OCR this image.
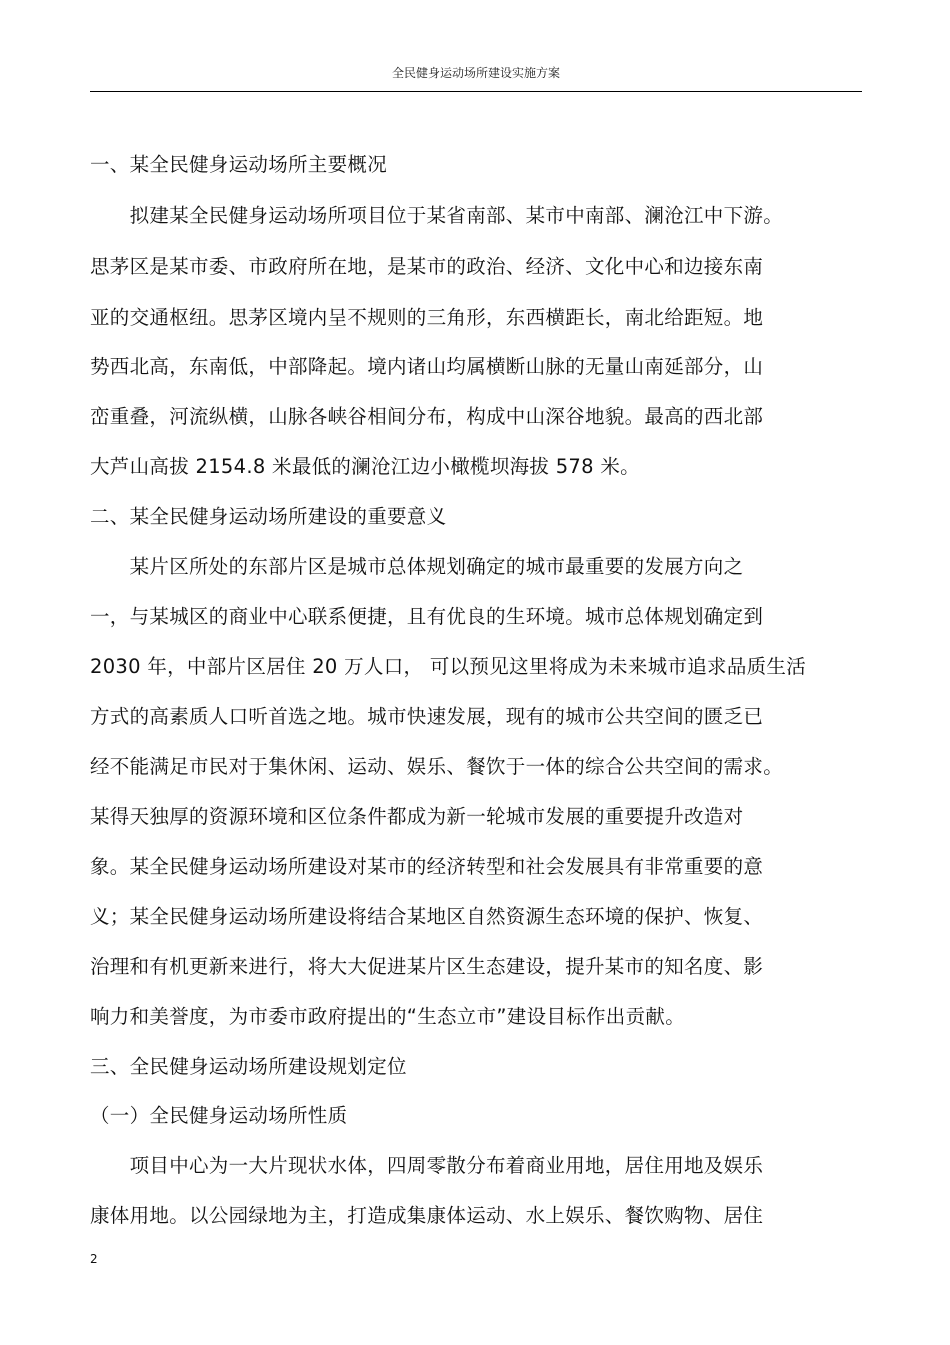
全民健身运动场所建设实施方案
一、某全民健身运动场所主要概况
　　拟建某全民健身运动场所项目位于某省南部、某市中南部、澜沧江中下游。
思茅区是某市委、市政府所在地，是某市的政治、经济、文化中心和边接东南
亚的交通枢纽。思茅区境内呈不规则的三角形，东西横距长，南北给距短。地
势西北高，东南低，中部降起。境内诸山均属横断山脉的无量山南延部分，山
峦重叠，河流纵横，山脉各峡谷相间分布，构成中山深谷地貌。最高的西北部
大芦山高拔 2154.8 米最低的澜沧江边小橄榄坝海拔 578 米。
二、某全民健身运动场所建设的重要意义
　　某片区所处的东部片区是城市总体规划确定的城市最重要的发展方向之
一，与某城区的商业中心联系便捷，且有优良的生环境。城市总体规划确定到
2030 年，中部片区居住 20 万人口， 可以预见这里将成为未来城市追求品质生活
方式的高素质人口听首选之地。城市快速发展，现有的城市公共空间的匮乏已
经不能满足市民对于集休闲、运动、娱乐、餐饮于一体的综合公共空间的需求。
某得天独厚的资源环境和区位条件都成为新一轮城市发展的重要提升改造对
象。某全民健身运动场所建设对某市的经济转型和社会发展具有非常重要的意
义；某全民健身运动场所建设将结合某地区自然资源生态环境的保护、恢复、
治理和有机更新来进行，将大大促进某片区生态建设，提升某市的知名度、影
响力和美誉度，为市委市政府提出的“生态立市”建设目标作出贡献。
三、全民健身运动场所建设规划定位
（一）全民健身运动场所性质
　　项目中心为一大片现状水体，四周零散分布着商业用地，居住用地及娱乐
康体用地。以公园绿地为主，打造成集康体运动、水上娱乐、餐饮购物、居住
2
